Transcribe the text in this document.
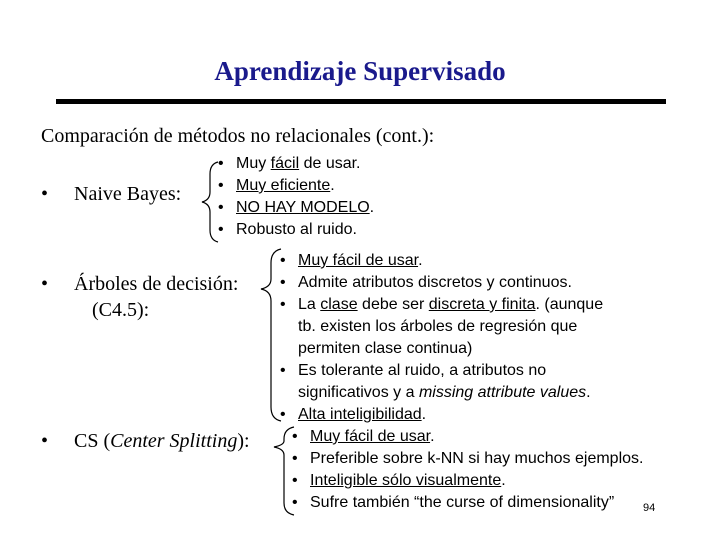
Aprendizaje Supervisado
Comparación de métodos no relacionales (cont.):
• Naive Bayes:
• Muy fácil de usar.
• Muy eficiente.
• NO HAY MODELO.
• Robusto al ruido.
• Árboles de decisión:
(C4.5):
• Muy fácil de usar.
• Admite atributos discretos y continuos.
• La clase debe ser discreta y finita. (aunque
tb. existen los árboles de regresión que
permiten clase continua)
• Es tolerante al ruido, a atributos no
significativos y a missing attribute values.
• Alta inteligibilidad.
• CS (Center Splitting):	• Muy fácil de usar.
• Preferible sobre k-NN si hay muchos ejemplos.
• Inteligible sólo visualmente.
• Sufre también “the curse of dimensionality”	94
